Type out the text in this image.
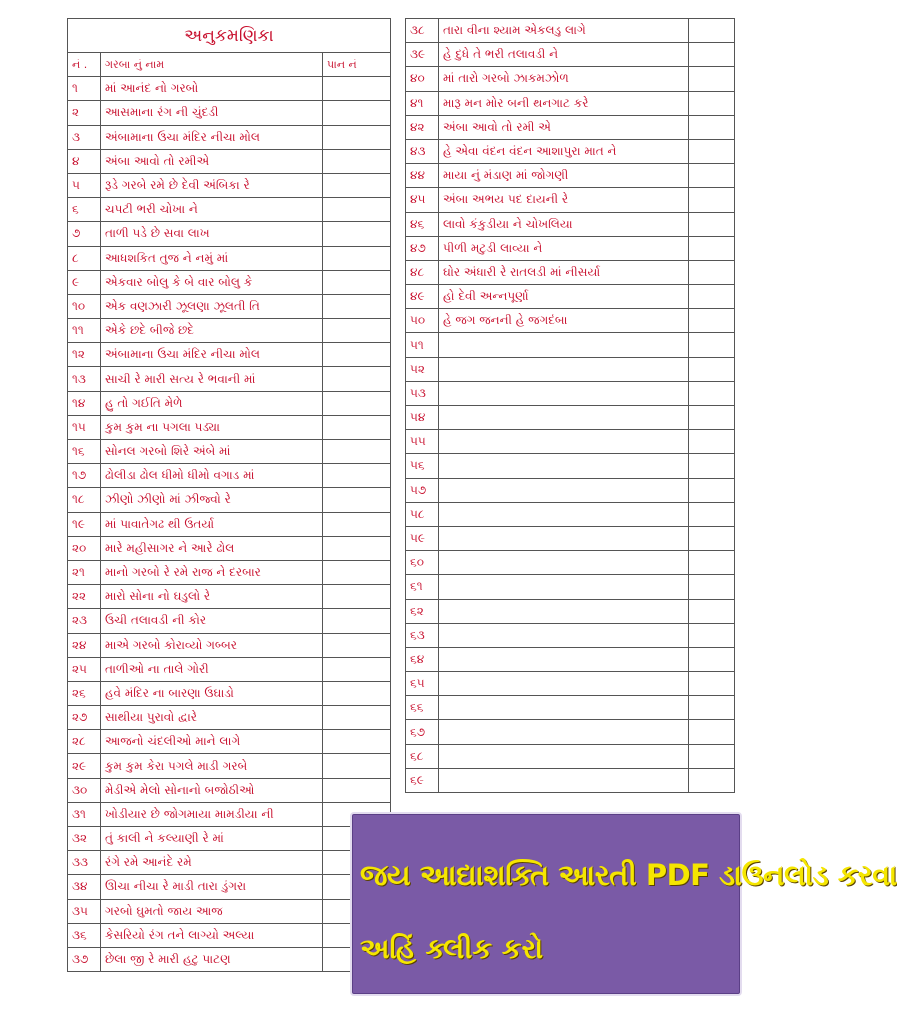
અનુકમણિકા		
નં .	ગરબા નું નામ	પાન નં
૧	માં આનંદ નો ગરબો	
૨	આસમાના રંગ ની ચુંદડી	
૩	અંબામાના ઉચા મંદિર નીચા મોલ	
૪	અંબા આવો તો રમીએ	
૫	રૂડે ગરબે રમે છે દેવી અંબિકા રે	
૬	ચપટી ભરી ચોખા ને	
૭	તાળી પડે છે સવા લાખ	
૮	આધશકિત તુજ ને નમું માં	
૯	એકવાર બોલુ કે બે વાર બોલુ કે	
૧૦	એક વણઝારી ઝૂલણા ઝૂલતી તિ	
૧૧	એકે છદે બીજે છદે	
૧૨	અંબામાના ઉચા મંદિર નીચા મોલ	
૧૩	સાચી રે મારી સત્ય રે ભવાની માં	
૧૪	હુ તો ગઈતિ મેળે	
૧૫	કુમ કુમ ના પગલા પડ્યા	
૧૬	સોનલ ગરબો શિરે અંબે માં	
૧૭	ઢોલીડા ઢોલ ધીમો ધીમો વગાડ માં	
૧૮	ઝીણો ઝીણો માં ઝીજ્વો રે	
૧૯	માં પાવાતેગઢ થી ઉતર્યા	
૨૦	મારે મહીસાગર ને આરે ઢોલ	
૨૧	માનો ગરબો રે રમે રાજ ને દરબાર	
૨૨	મારો સોના નો ઘડુલો રે	
૨૩	ઉચી તલાવડી ની કોર	
૨૪	માએ ગરબો કોરાવ્યો ગબ્બર	
૨૫	તાળીઓ ના તાલે ગોરી	
૨૬	હવે મંદિર ના બારણા ઉઘાડો	
૨૭	સાથીયા પુરાવો દ્વારે	
૨૮	આજનો ચંદલીઓ માને લાગે	
૨૯	કુમ કુમ કેરા પગલે માડી ગરબે	
૩૦	મેડીએ મેલો સોનાનો બજોઠીઓ	
૩૧	ખોડીયાર છે જોગમાયા મામડીયા ની	
૩૨	તું કાલી ને કલ્યાણી રે માં	
૩૩	રંગે રમે આનંદે રમે	
૩૪	ઊચા નીચા રે માડી તારા ડુંગરા	
૩૫	ગરબો ઘુમતો જાય આજ	
૩૬	કેસરિયો રંગ તને લાગ્યો અલ્યા	
૩૭	છેલા જી રે મારી હટુ પાટણ	
૩૮	તારા વીના શ્યામ એકલડુ લાગે	
૩૯	હે દુધે તે ભરી તલાવડી ને	
૪૦	માં તારો ગરબો ઝાકમઝોળ	
૪૧	મારૂ મન મોર બની થનગાટ કરે	
૪૨	અંબા આવો તો રમી એ	
૪૩	હે એવા વંદન વંદન આશાપુરા માત ને	
૪૪	માયા નું મંડાણ માં જોગણી	
૪૫	અંબા અભય પદ દાયની રે	
૪૬	લાવો કંકુડીયા ને ચોખલિયા	
૪૭	પીળી મટુડી લાવ્યા ને	
૪૮	ઘોર અંધારી રે રાતલડી માં નીસર્યા	
૪૯	હો દેવી અન્નપૂર્ણા	
૫૦	હે જગ જનની હે જગદંબા	
૫૧		
૫૨		
૫૩		
૫૪		
૫૫		
૫૬		
૫૭		
૫૮		
૫૯		
૬૦		
૬૧		
૬૨		
૬૩		
૬૪		
૬૫		
૬૬		
૬૭		
૬૮		
૬૯		
જય આદ્યાશક્તિ આરતી PDF ડાઉનલોડ કરવા
અહિં ક્લીક કરો
